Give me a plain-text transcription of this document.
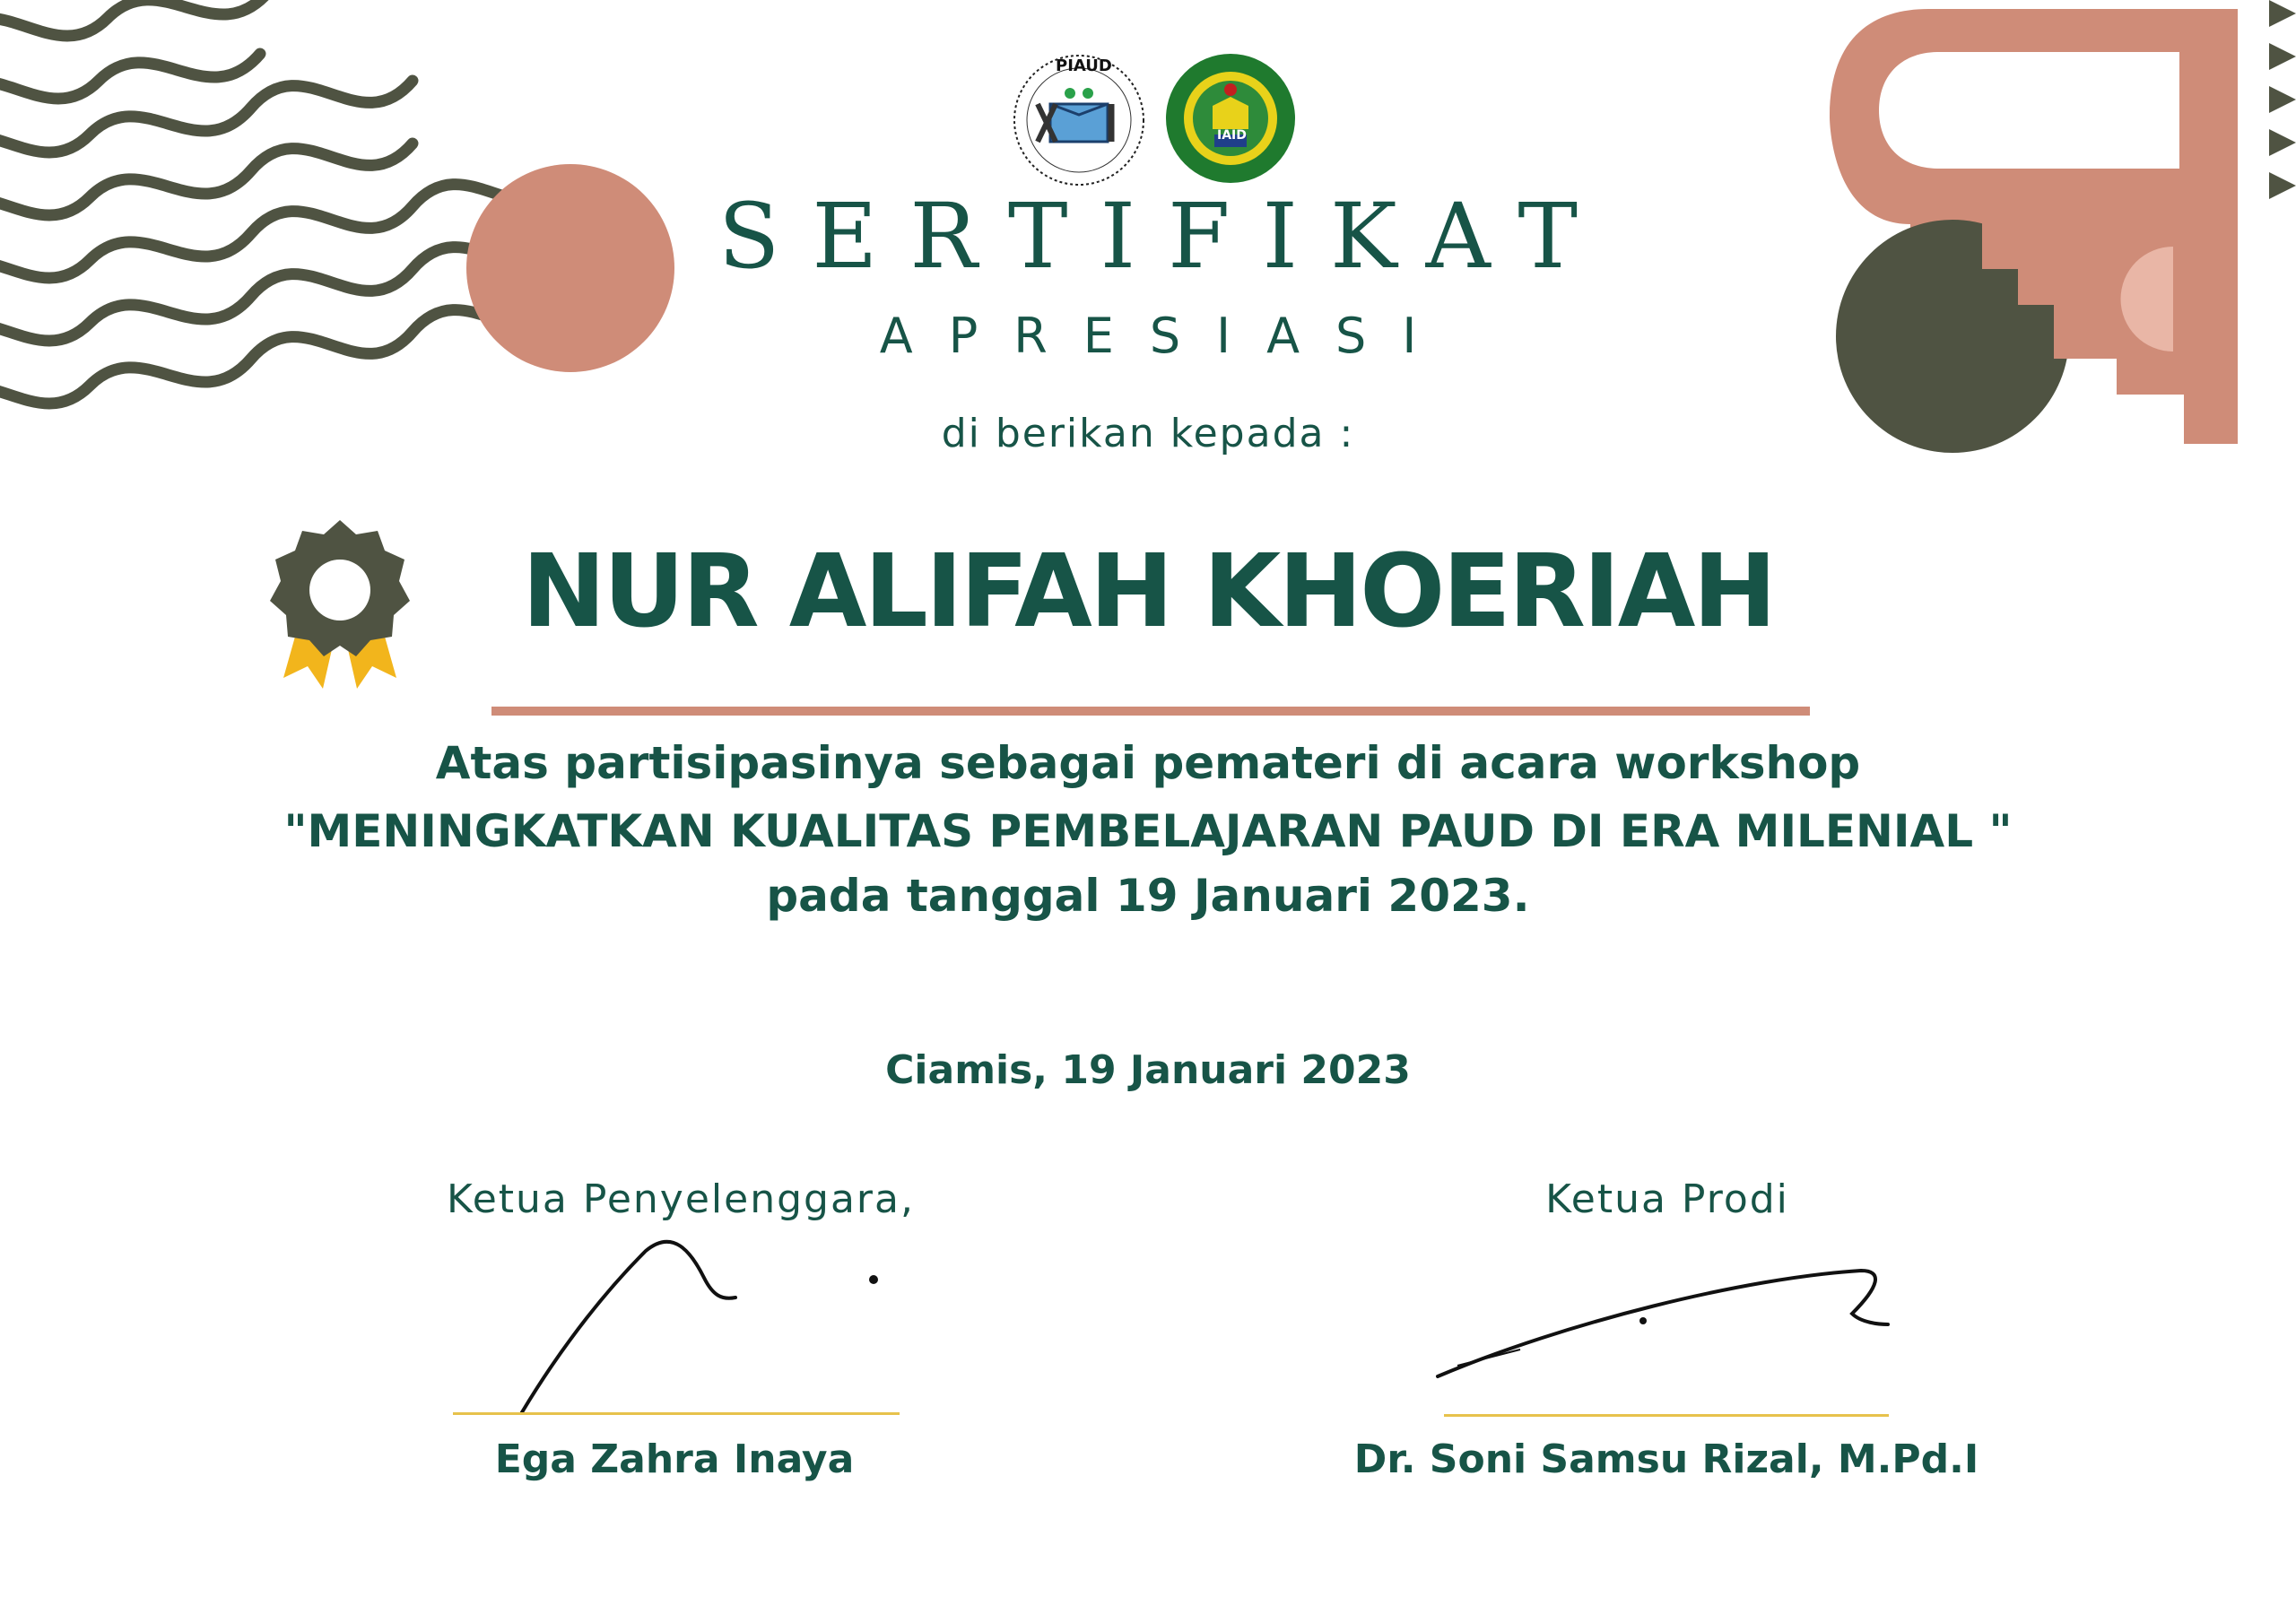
PIAUD
IAID
SERTIFIKAT
APRESIASI
di berikan kepada :
NUR ALIFAH KHOERIAH
Atas partisipasinya sebagai pemateri di acara workshop
"MENINGKATKAN KUALITAS PEMBELAJARAN PAUD DI ERA MILENIAL "
pada tanggal 19 Januari 2023.
Ciamis, 19 Januari 2023
Ketua Penyelenggara,
Ega Zahra Inaya
Ketua Prodi
Dr. Soni Samsu Rizal, M.Pd.I
